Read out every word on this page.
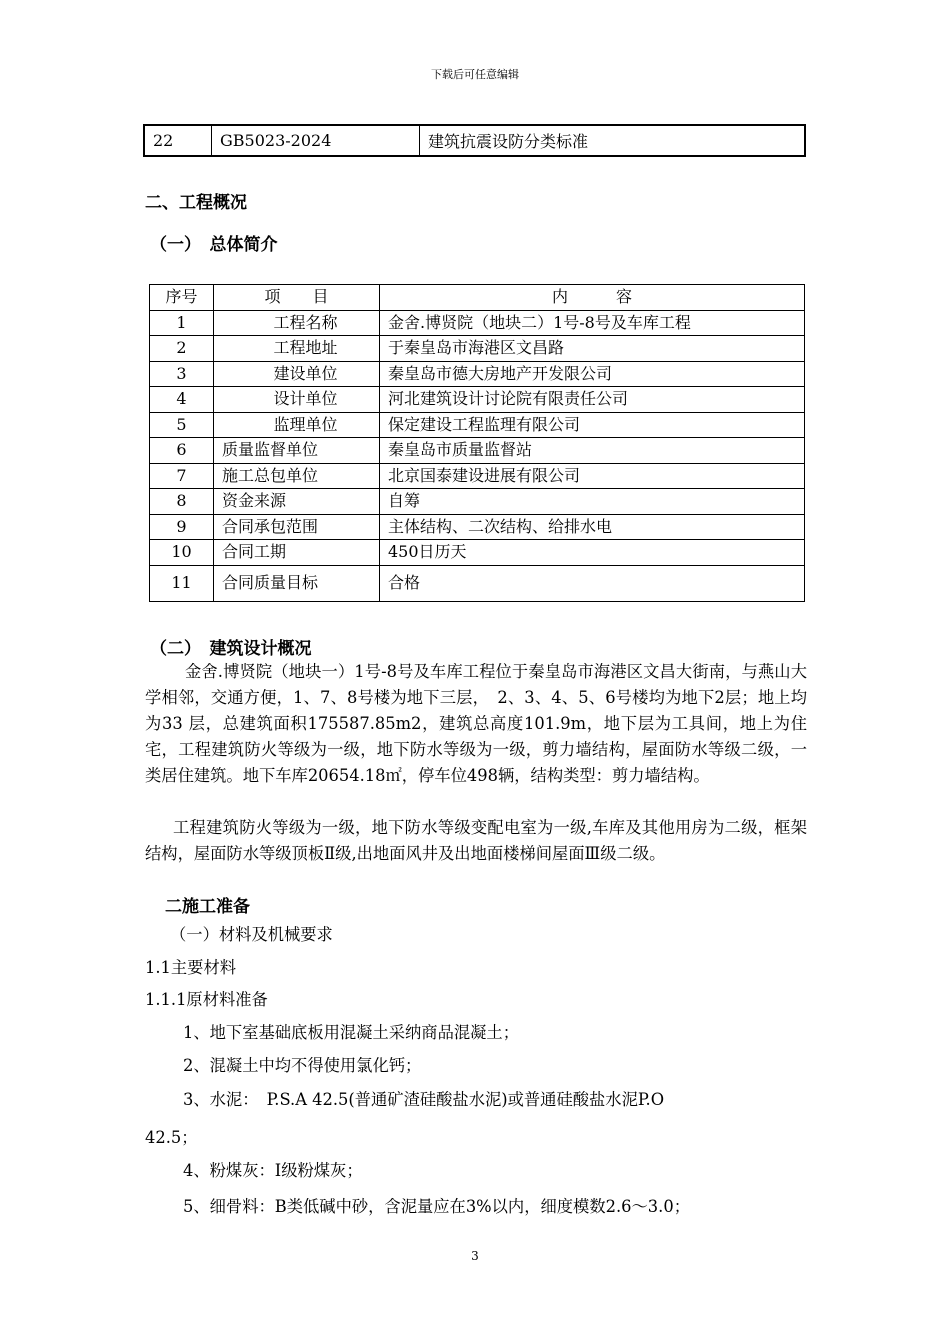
下载后可任意编辑
22	GB5023-2024	建筑抗震设防分类标准
二、工程概况
（一）　总体简介
序号	项　　目	内　　　容
1	工程名称	金舍.博贤院（地块二）1号-8号及车库工程
2	工程地址	于秦皇岛市海港区文昌路
3	建设单位	秦皇岛市德大房地产开发限公司
4	设计单位	河北建筑设计讨论院有限责任公司
5	监理单位	保定建设工程监理有限公司
6	质量监督单位	秦皇岛市质量监督站
7	施工总包单位	北京国泰建设进展有限公司
8	资金来源	自筹
9	合同承包范围	主体结构、二次结构、给排水电
10	合同工期	450日历天
11	合同质量目标	合格
（二）　建筑设计概况
金舍.博贤院（地块一）1号-8号及车库工程位于秦皇岛市海港区文昌大街南，与燕山大学相邻，交通方便，1、7、8号楼为地下三层，　2、3、4、5、6号楼均为地下2层；地上均为33 层，总建筑面积175587.85m2，建筑总高度101.9m，地下层为工具间，地上为住宅，工程建筑防火等级为一级，地下防水等级为一级，剪力墙结构，屋面防水等级二级，一类居住建筑。地下车库20654.18㎡，停车位498辆，结构类型：剪力墙结构。
工程建筑防火等级为一级，地下防水等级变配电室为一级,车库及其他用房为二级，框架结构，屋面防水等级顶板Ⅱ级,出地面风井及出地面楼梯间屋面Ⅲ级二级。
二施工准备
（一）材料及机械要求
1.1主要材料
1.1.1原材料准备
1、地下室基础底板用混凝土采纳商品混凝土；
2、混凝土中均不得使用氯化钙；
3、水泥：　P.S.A 42.5(普通矿渣硅酸盐水泥)或普通硅酸盐水泥P.O
42.5；
4、粉煤灰：Ⅰ级粉煤灰；
5、细骨料：B类低碱中砂，含泥量应在3%以内，细度模数2.6～3.0；
3
